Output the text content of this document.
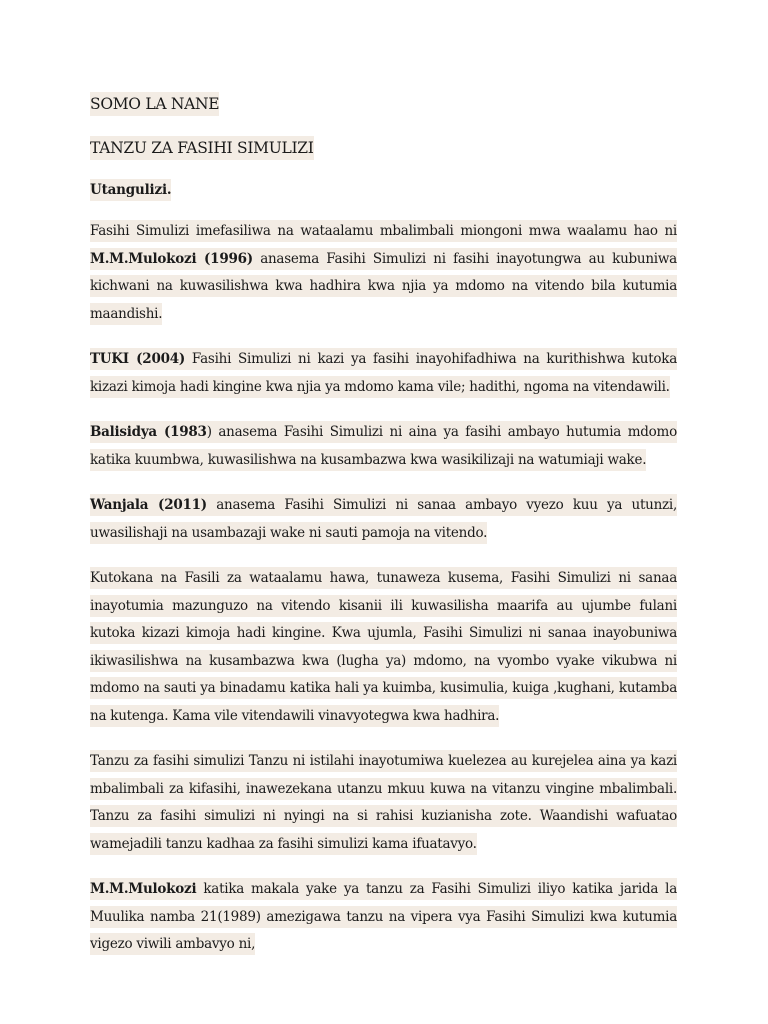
SOMO LA NANE

TANZU ZA FASIHI SIMULIZI

Utangulizi.

Fasihi Simulizi imefasiliwa na wataalamu mbalimbali miongoni mwa waalamu hao ni M.M.Mulokozi (1996) anasema Fasihi Simulizi ni fasihi inayotungwa au kubuniwa kichwani na kuwasilishwa kwa hadhira kwa njia ya mdomo na vitendo bila kutumia maandishi.

TUKI (2004) Fasihi Simulizi ni kazi ya fasihi inayohifadhiwa na kurithishwa kutoka kizazi kimoja hadi kingine kwa njia ya mdomo kama vile; hadithi, ngoma na vitendawili.

Balisidya (1983) anasema Fasihi Simulizi ni aina ya fasihi ambayo hutumia mdomo katika kuumbwa, kuwasilishwa na kusambazwa kwa wasikilizaji na watumiaji wake.

Wanjala (2011) anasema Fasihi Simulizi ni sanaa ambayo vyezo kuu ya utunzi, uwasilishaji na usambazaji wake ni sauti pamoja na vitendo.

Kutokana na Fasili za wataalamu hawa, tunaweza kusema, Fasihi Simulizi ni sanaa inayotumia mazunguzo na vitendo kisanii ili kuwasilisha maarifa au ujumbe fulani kutoka kizazi kimoja hadi kingine. Kwa ujumla, Fasihi Simulizi ni sanaa inayobuniwa ikiwasilishwa na kusambazwa kwa (lugha ya) mdomo, na vyombo vyake vikubwa ni mdomo na sauti ya binadamu katika hali ya kuimba, kusimulia, kuiga ,kughani, kutamba na kutenga. Kama vile vitendawili vinavyotegwa kwa hadhira.

Tanzu za fasihi simulizi Tanzu ni istilahi inayotumiwa kuelezea au kurejelea aina ya kazi mbalimbali za kifasihi, inawezekana utanzu mkuu kuwa na vitanzu vingine mbalimbali. Tanzu za fasihi simulizi ni nyingi na si rahisi kuzianisha zote. Waandishi wafuatao wamejadili tanzu kadhaa za fasihi simulizi kama ifuatavyo.

M.M.Mulokozi katika makala yake ya tanzu za Fasihi Simulizi iliyo katika jarida la Muulika namba 21(1989) amezigawa tanzu na vipera vya Fasihi Simulizi kwa kutumia vigezo viwili ambavyo ni,
